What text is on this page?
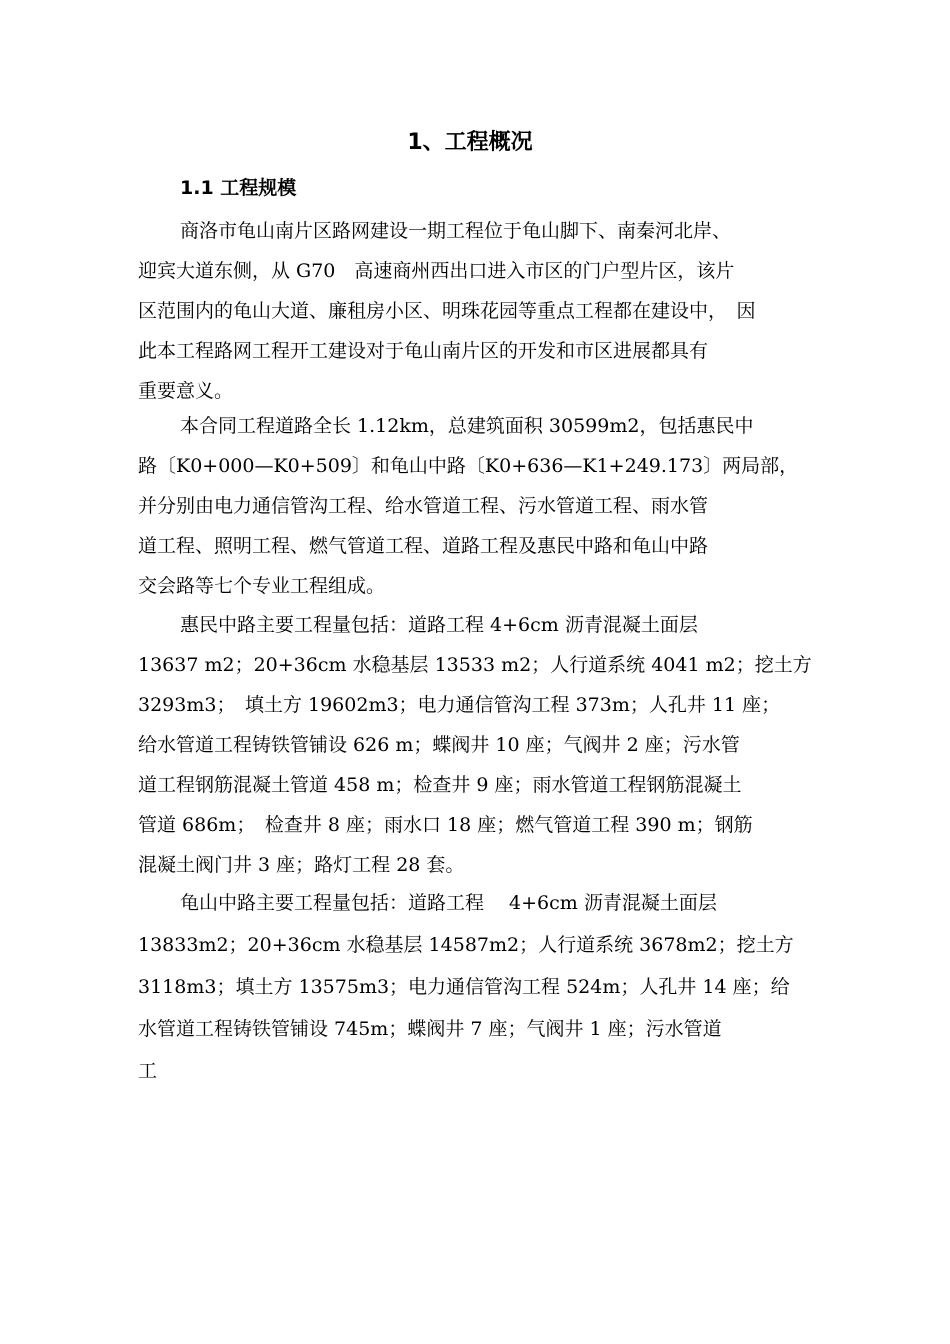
1、工程概况
1.1 工程规模
商洛市龟山南片区路网建设一期工程位于龟山脚下、南秦河北岸、
迎宾大道东侧，从 G70　高速商州西出口进入市区的门户型片区，该片
区范围内的龟山大道、廉租房小区、明珠花园等重点工程都在建设中，　因
此本工程路网工程开工建设对于龟山南片区的开发和市区进展都具有
重要意义。
本合同工程道路全长 1.12km，总建筑面积 30599m2，包括惠民中
路〔K0+000—K0+509〕和龟山中路〔K0+636—K1+249.173〕两局部，
并分别由电力通信管沟工程、给水管道工程、污水管道工程、雨水管
道工程、照明工程、燃气管道工程、道路工程及惠民中路和龟山中路
交会路等七个专业工程组成。
惠民中路主要工程量包括：道路工程 4+6cm 沥青混凝土面层
13637 m2；20+36cm 水稳基层 13533 m2；人行道系统 4041 m2；挖土方
3293m3；　填土方 19602m3；电力通信管沟工程 373m；人孔井 11 座；
给水管道工程铸铁管铺设 626 m；蝶阀井 10 座；气阀井 2 座；污水管
道工程钢筋混凝土管道 458 m；检查井 9 座；雨水管道工程钢筋混凝土
管道 686m；　检查井 8 座；雨水口 18 座；燃气管道工程 390 m；钢筋
混凝土阀门井 3 座；路灯工程 28 套。
龟山中路主要工程量包括：道路工程　 4+6cm 沥青混凝土面层
13833m2；20+36cm 水稳基层 14587m2；人行道系统 3678m2；挖土方
3118m3；填土方 13575m3；电力通信管沟工程 524m；人孔井 14 座；给
水管道工程铸铁管铺设 745m；蝶阀井 7 座；气阀井 1 座；污水管道
工
